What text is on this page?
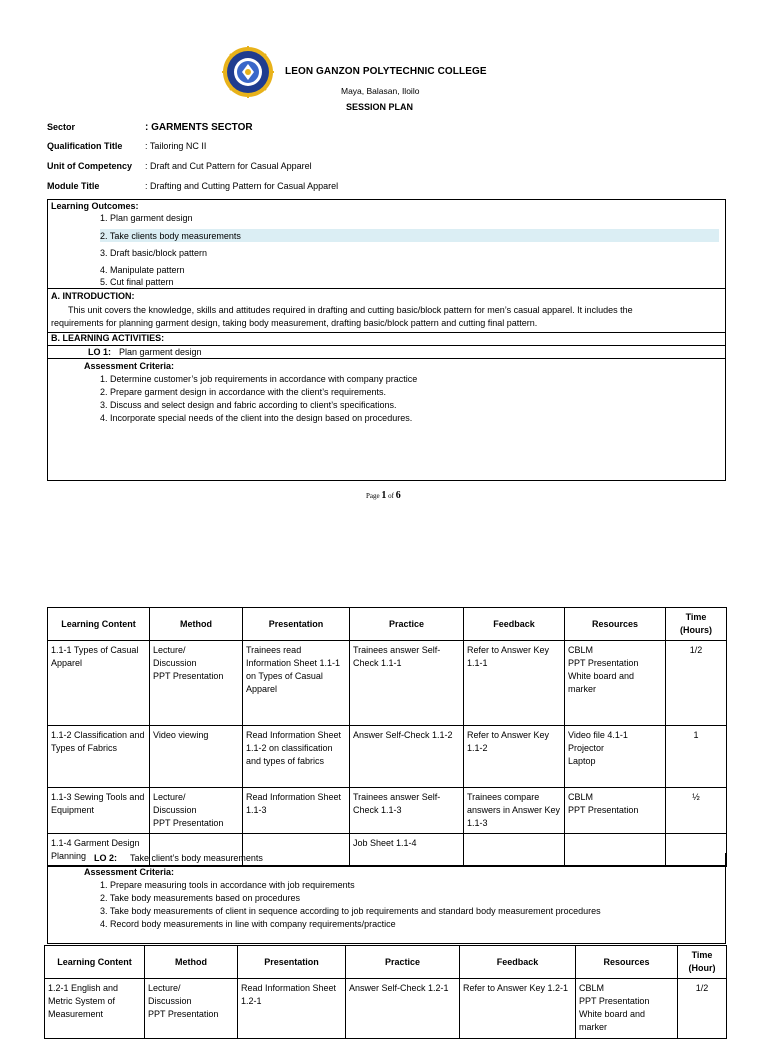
LEON GANZON POLYTECHNIC COLLEGE
Maya, Balasan, Iloilo
SESSION PLAN
Sector	: GARMENTS SECTOR
Qualification Title	: Tailoring NC II
Unit of Competency : Draft and Cut Pattern for Casual Apparel
Module Title	: Drafting and Cutting Pattern for Casual Apparel
Learning Outcomes:
1. Plan garment design
2. Take clients body measurements
3. Draft basic/block pattern
4. Manipulate pattern
5. Cut final pattern
A. INTRODUCTION:
This unit covers the knowledge, skills and attitudes required in drafting and cutting basic/block pattern for men’s casual apparel. It includes the
requirements for planning garment design, taking body measurement, drafting basic/block pattern and cutting final pattern.
B. LEARNING ACTIVITIES:
LO 1: Plan garment design
Assessment Criteria:
1. Determine customer’s job requirements in accordance with company practice
2. Prepare garment design in accordance with the client’s requirements.
3. Discuss and select design and fabric according to client’s specifications.
4. Incorporate special needs of the client into the design based on procedures.
Page 1 of 6
Learning Content	Method	Presentation	Practice	Feedback	Resources	Time (Hours)
1.1-1 Types of Casual Apparel	Lecture/
Discussion
PPT Presentation	Trainees read Information Sheet 1.1-1 on Types of Casual Apparel	Trainees answer Self-Check 1.1-1	Refer to Answer Key 1.1-1	CBLM
PPT Presentation
White board and marker	1/2
1.1-2 Classification and Types of Fabrics	Video viewing	Read Information Sheet 1.1-2 on classification and types of fabrics	Answer Self-Check 1.1-2	Refer to Answer Key 1.1-2	Video file 4.1-1
Projector
Laptop	1
1.1-3 Sewing Tools and Equipment	Lecture/
Discussion
PPT Presentation	Read Information Sheet 1.1-3	Trainees answer Self-Check 1.1-3	Trainees compare answers in Answer Key 1.1-3	CBLM
PPT Presentation	½
1.1-4 Garment Design Planning			Job Sheet 1.1-4			
LO 2: Take client’s body measurements
Assessment Criteria:
1. Prepare measuring tools in accordance with job requirements
2. Take body measurements based on procedures
3. Take body measurements of client in sequence according to job requirements and standard body measurement procedures
4. Record body measurements in line with company requirements/practice
Learning Content	Method	Presentation	Practice	Feedback	Resources	Time (Hour)
1.2-1 English and Metric System of Measurement	Lecture/
Discussion
PPT Presentation	Read Information Sheet 1.2-1	Answer Self-Check 1.2-1	Refer to Answer Key 1.2-1	CBLM
PPT Presentation
White board and marker	1/2
